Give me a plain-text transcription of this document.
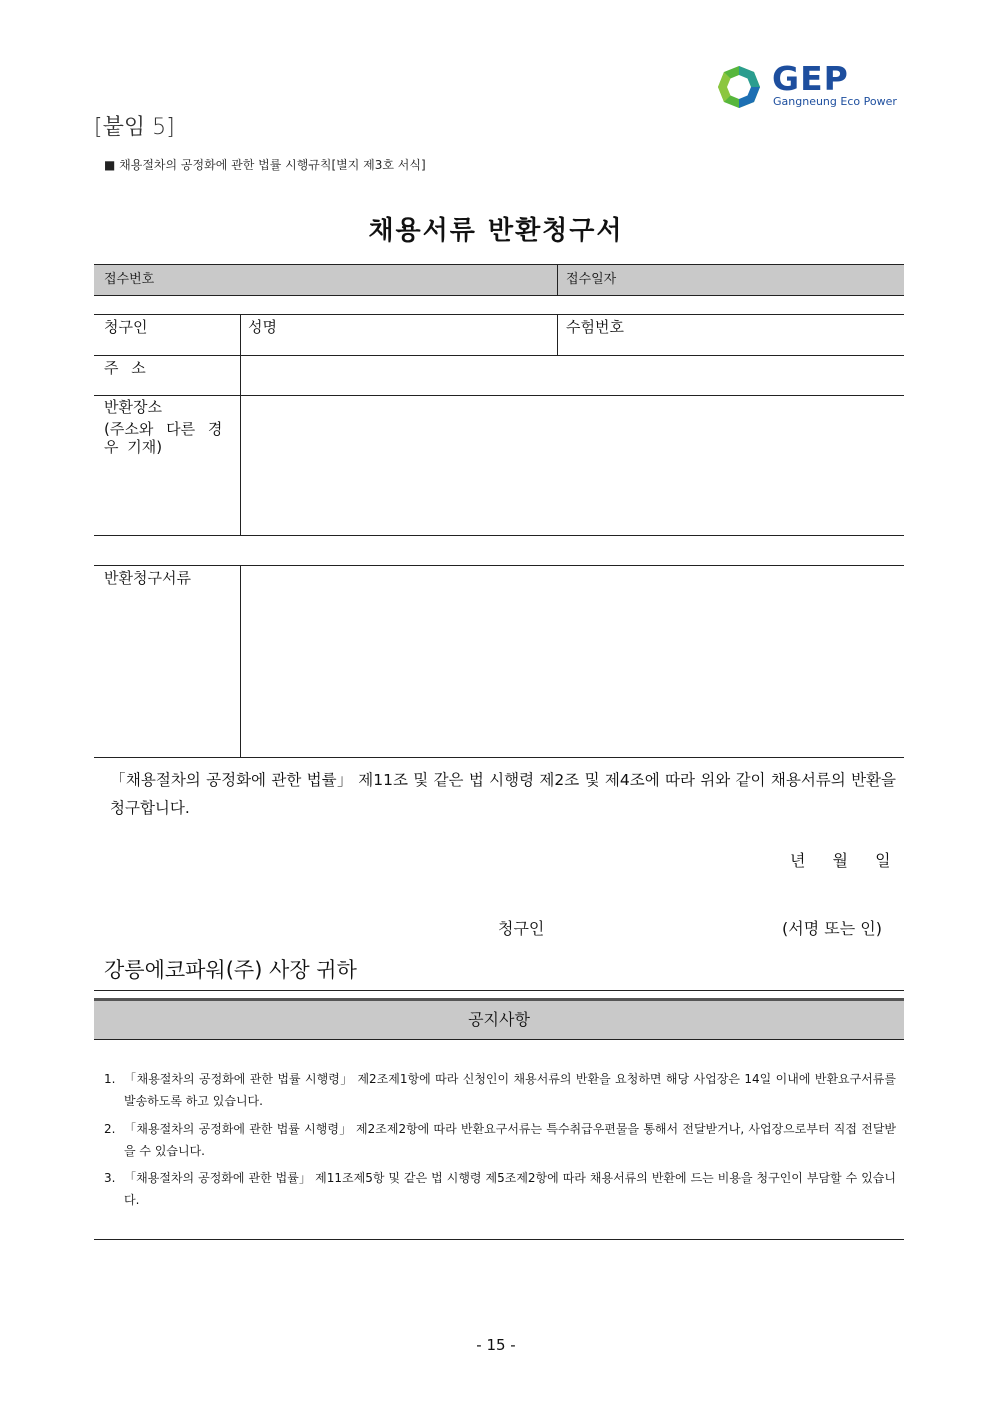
GEP
Gangneung Eco Power
[붙임 5]
■ 채용절차의 공정화에 관한 법률 시행규칙[별지 제3호 서식]
채용서류 반환청구서
접수번호	접수일자
청구인	성명	수험번호
주 소
반환장소
(주소와 다른 경
우 기재)
반환청구서류
「채용절차의 공정화에 관한 법률」 제11조 및 같은 법 시행령 제2조 및 제4조에 따라 위와 같이 채용서류의 반환을 청구합니다.
년 월 일
청구인	(서명 또는 인)
강릉에코파워(주) 사장 귀하
공지사항
1. 「채용절차의 공정화에 관한 법률 시행령」 제2조제1항에 따라 신청인이 채용서류의 반환을 요청하면 해당 사업장은 14일 이내에 반환요구서류를 발송하도록 하고 있습니다.
2. 「채용절차의 공정화에 관한 법률 시행령」 제2조제2항에 따라 반환요구서류는 특수취급우편물을 통해서 전달받거나, 사업장으로부터 직접 전달받을 수 있습니다.
3. 「채용절차의 공정화에 관한 법률」 제11조제5항 및 같은 법 시행령 제5조제2항에 따라 채용서류의 반환에 드는 비용을 청구인이 부담할 수 있습니다.
- 15 -
